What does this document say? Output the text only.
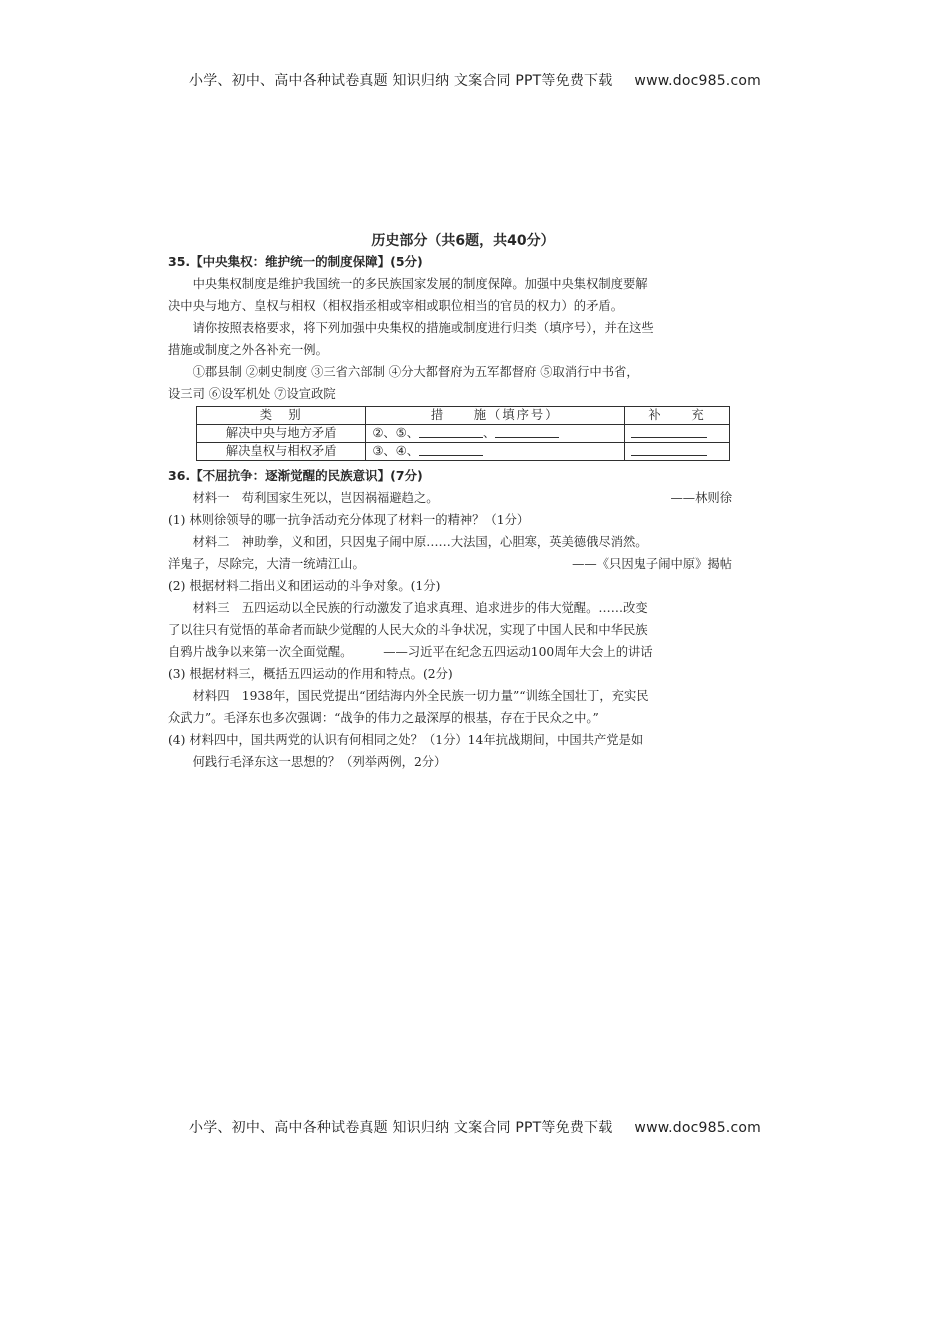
小学、初中、高中各种试卷真题 知识归纳 文案合同 PPT等免费下载 www.doc985.com
历史部分（共6题，共40分）
35.【中央集权：维护统一的制度保障】(5分)
中央集权制度是维护我国统一的多民族国家发展的制度保障。加强中央集权制度要解
决中央与地方、皇权与相权（相权指丞相或宰相或职位相当的官员的权力）的矛盾。
请你按照表格要求，将下列加强中央集权的措施或制度进行归类（填序号），并在这些
措施或制度之外各补充一例。
①郡县制 ②刺史制度 ③三省六部制 ④分大都督府为五军都督府 ⑤取消行中书省，
设三司 ⑥设军机处 ⑦设宣政院
类　别	措　　施（填序号）	补　　充
解决中央与地方矛盾	②、⑤、 、	
解决皇权与相权矛盾	③、④、	
36.【不屈抗争：逐渐觉醒的民族意识】(7分)
材料一　苟利国家生死以，岂因祸福避趋之。	——林则徐
(1) 林则徐领导的哪一抗争活动充分体现了材料一的精神？（1分）
材料二　神助拳，义和团，只因鬼子闹中原……大法国，心胆寒，英美德俄尽消然。
洋鬼子，尽除完，大清一统靖江山。	——《只因鬼子闹中原》揭帖
(2) 根据材料二指出义和团运动的斗争对象。(1分)
材料三　五四运动以全民族的行动激发了追求真理、追求进步的伟大觉醒。……改变
了以往只有觉悟的革命者而缺少觉醒的人民大众的斗争状况，实现了中国人民和中华民族
自鸦片战争以来第一次全面觉醒。　　　——习近平在纪念五四运动100周年大会上的讲话
(3) 根据材料三，概括五四运动的作用和特点。(2分)
材料四　1938年，国民党提出“团结海内外全民族一切力量”“训练全国壮丁，充实民
众武力”。毛泽东也多次强调：“战争的伟力之最深厚的根基，存在于民众之中。”
(4) 材料四中，国共两党的认识有何相同之处？（1分）14年抗战期间，中国共产党是如
何践行毛泽东这一思想的？（列举两例，2分）
小学、初中、高中各种试卷真题 知识归纳 文案合同 PPT等免费下载 www.doc985.com
